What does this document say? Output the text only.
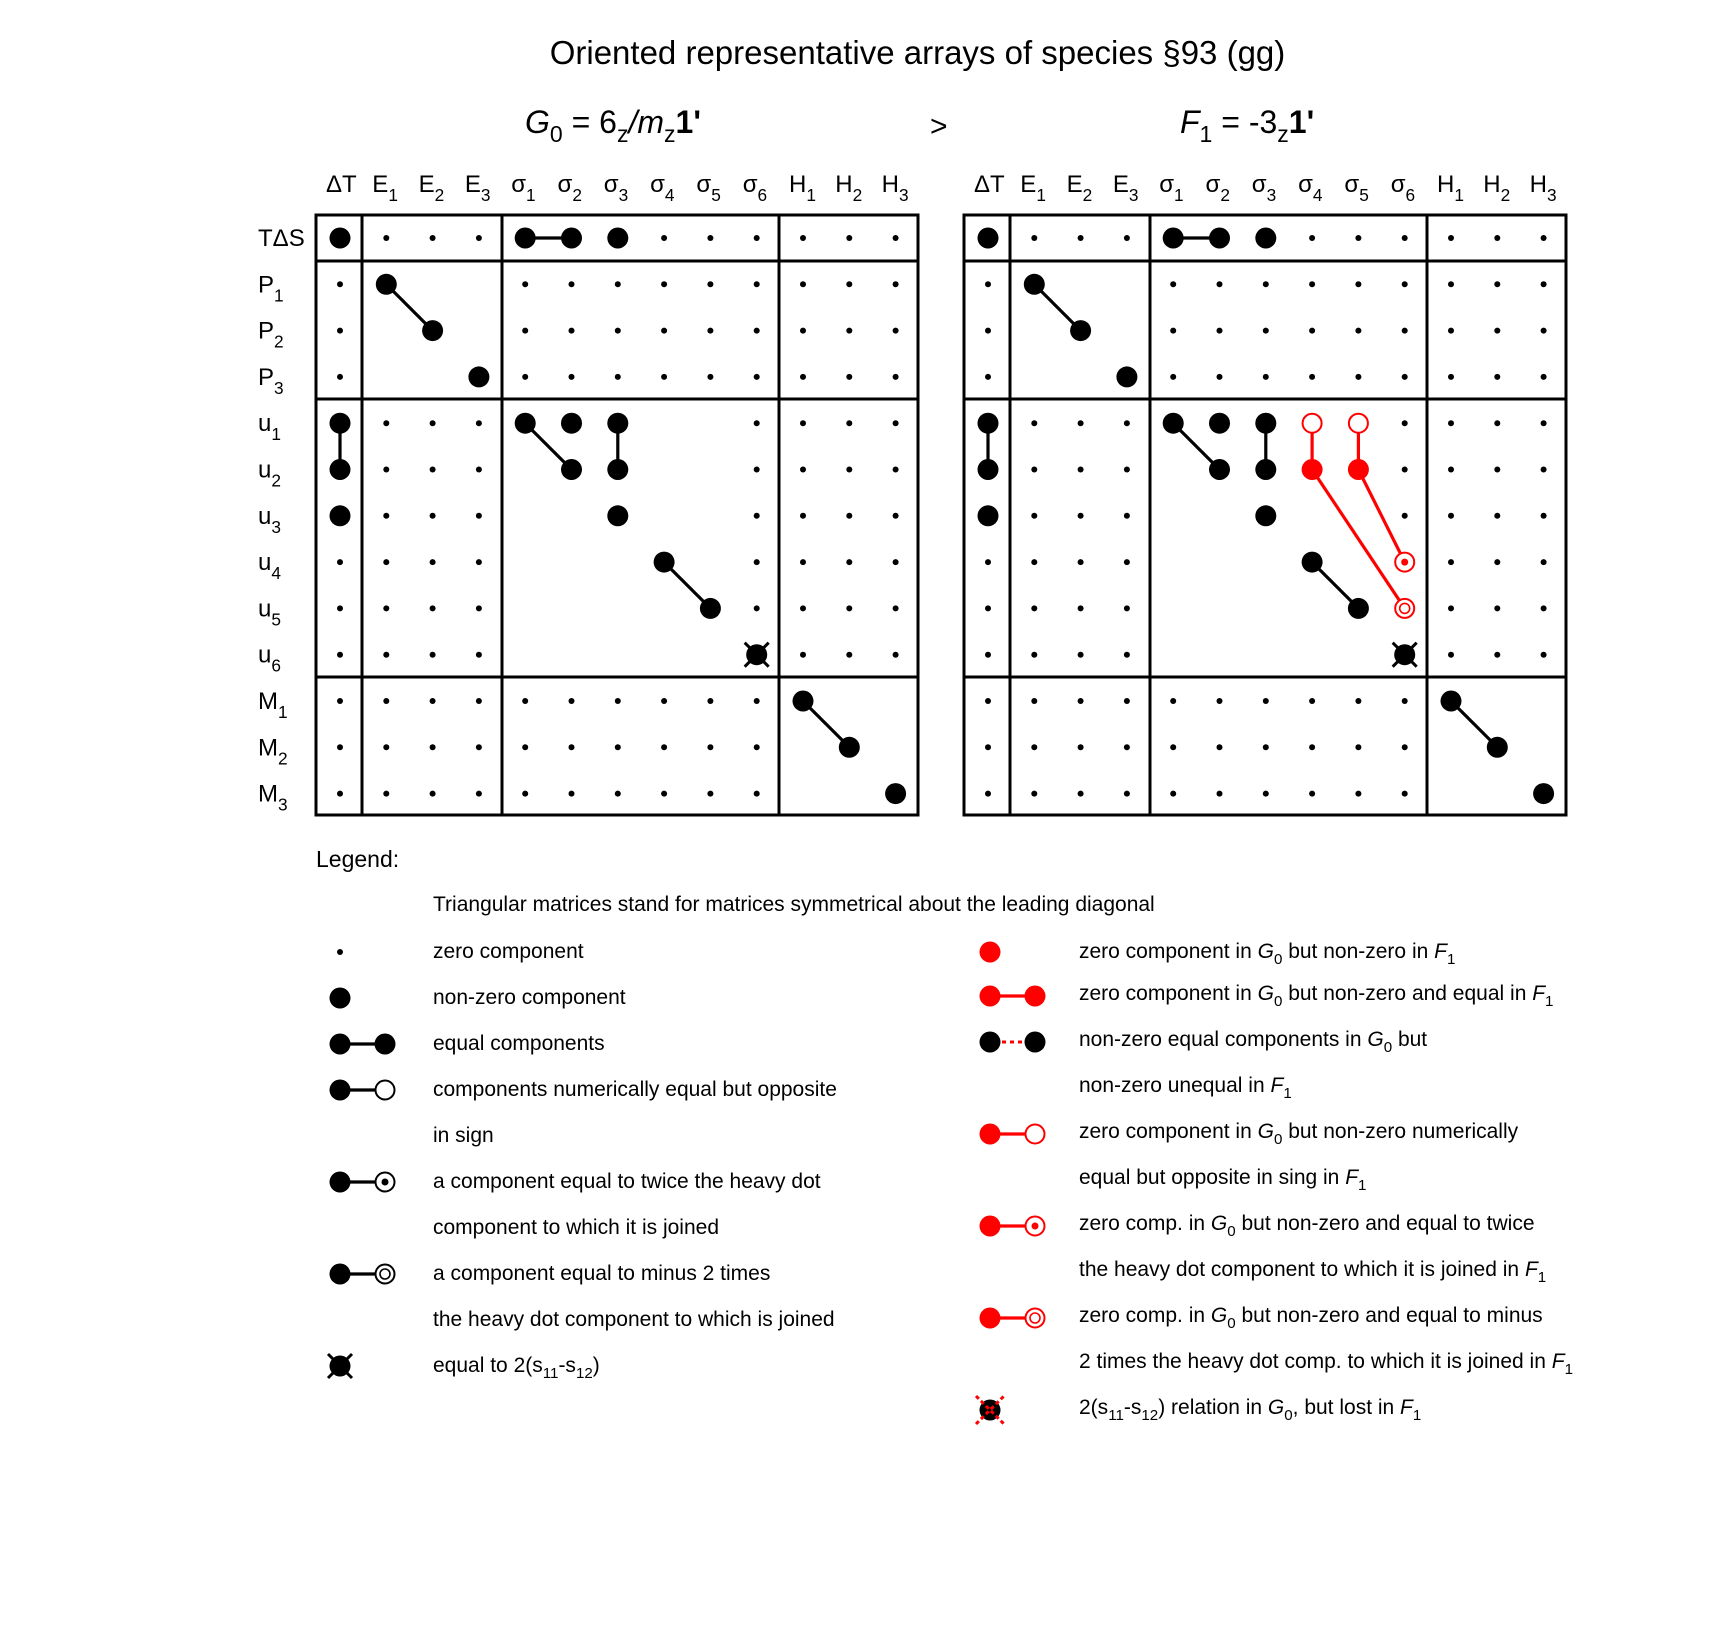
Oriented representative arrays of species §93 (gg)
$G_0 = 6_z/m_z1'$	>	$F_1 = -3_z1'$
ΔT $E_1$ $E_2$ $E_3$ $\sigma_1$ $\sigma_2$ $\sigma_3$ $\sigma_4$ $\sigma_5$ $\sigma_6$ $H_1$ $H_2$ $H_3$
TΔS
$P_1$
$P_2$
$P_3$
$u_1$
$u_2$
$u_3$
$u_4$
$u_5$
$u_6$
$M_1$
$M_2$
$M_3$
ΔT $E_1$ $E_2$ $E_3$ $\sigma_1$ $\sigma_2$ $\sigma_3$ $\sigma_4$ $\sigma_5$ $\sigma_6$ $H_1$ $H_2$ $H_3$
Legend:
Triangular matrices stand for matrices symmetrical about the leading diagonal
zero component
non-zero component
equal components
components numerically equal but opposite
in sign
a component equal to twice the heavy dot
component to which it is joined
a component equal to minus 2 times
the heavy dot component to which is joined
equal to $2(s_{11}-s_{12})$
zero component in $G_0$ but non-zero in $F_1$
zero component in $G_0$ but non-zero and equal in $F_1$
non-zero equal components in $G_0$ but
non-zero unequal in $F_1$
zero component in $G_0$ but non-zero numerically
equal but opposite in sing in $F_1$
zero comp. in $G_0$ but non-zero and equal to twice
the heavy dot component to which it is joined in $F_1$
zero comp. in $G_0$ but non-zero and equal to minus
2 times the heavy dot comp. to which it is joined in $F_1$
$2(s_{11}-s_{12})$ relation in $G_0$, but lost in $F_1$
